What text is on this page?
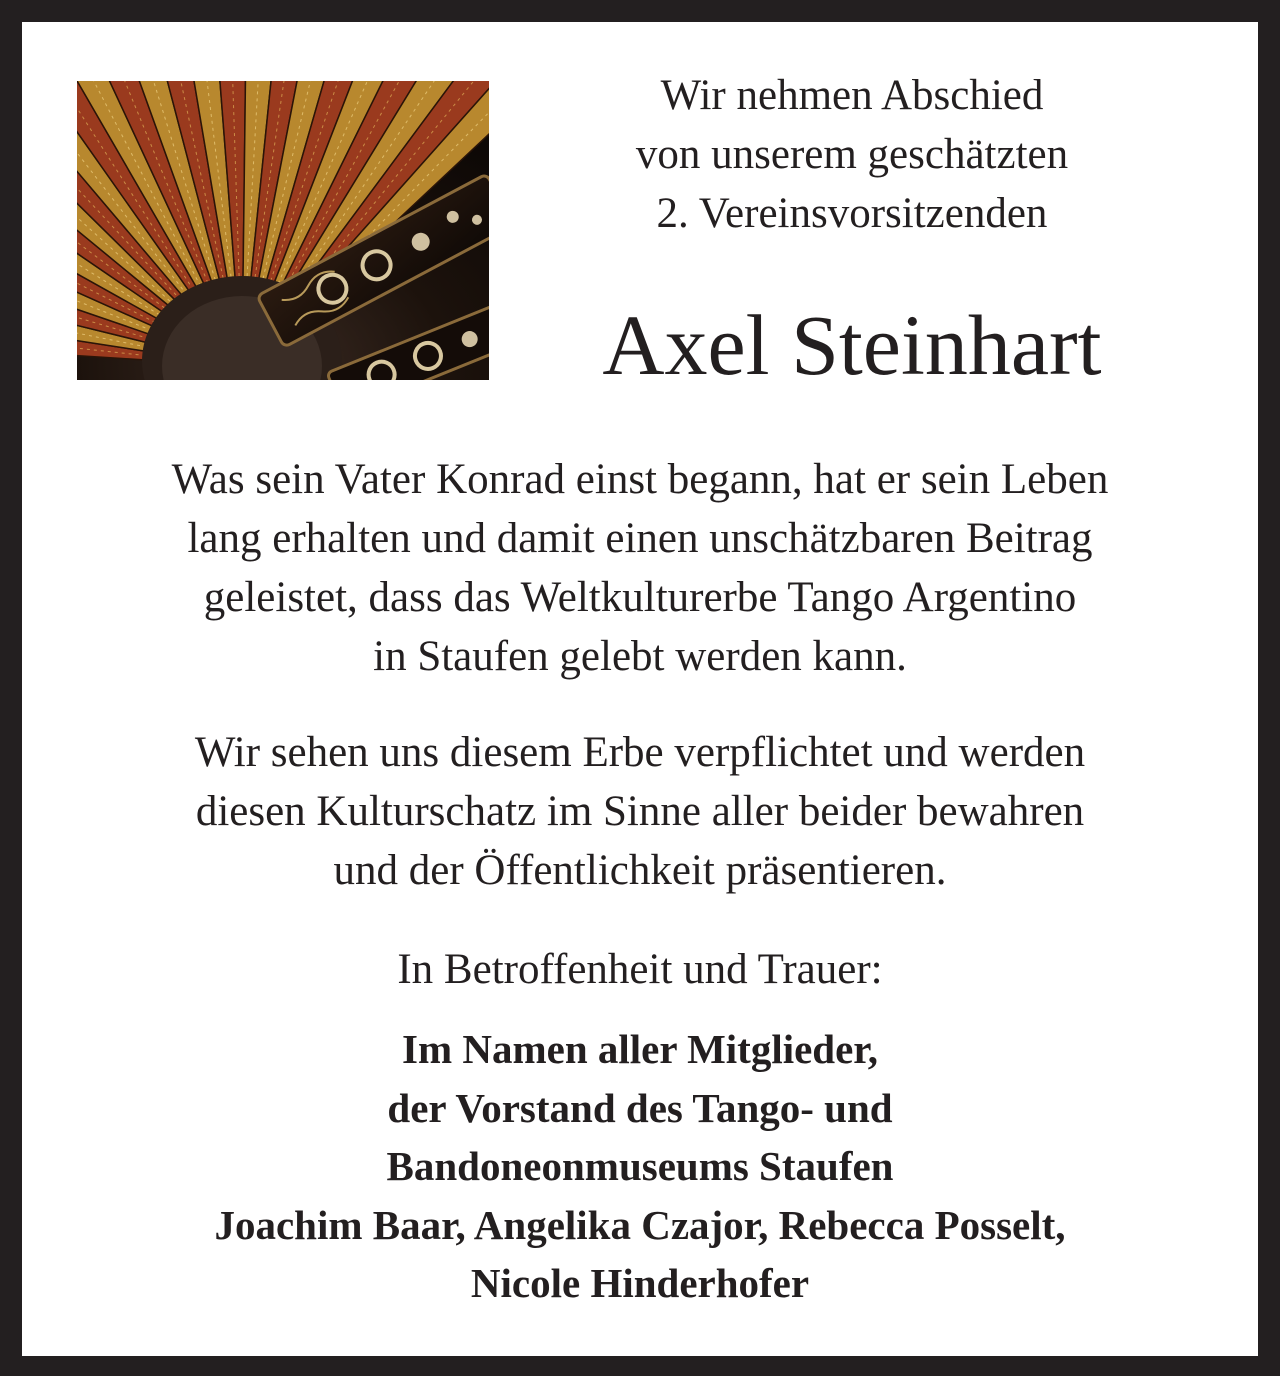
Wir nehmen Abschied
von unserem geschätzten
2. Vereinsvorsitzenden
Axel Steinhart
Was sein Vater Konrad einst begann, hat er sein Leben
lang erhalten und damit einen unschätzbaren Beitrag
geleistet, dass das Weltkulturerbe Tango Argentino
in Staufen gelebt werden kann.
Wir sehen uns diesem Erbe verpflichtet und werden
diesen Kulturschatz im Sinne aller beider bewahren
und der Öffentlichkeit präsentieren.
In Betroffenheit und Trauer:
Im Namen aller Mitglieder,
der Vorstand des Tango- und
Bandoneonmuseums Staufen
Joachim Baar, Angelika Czajor, Rebecca Posselt,
Nicole Hinderhofer
